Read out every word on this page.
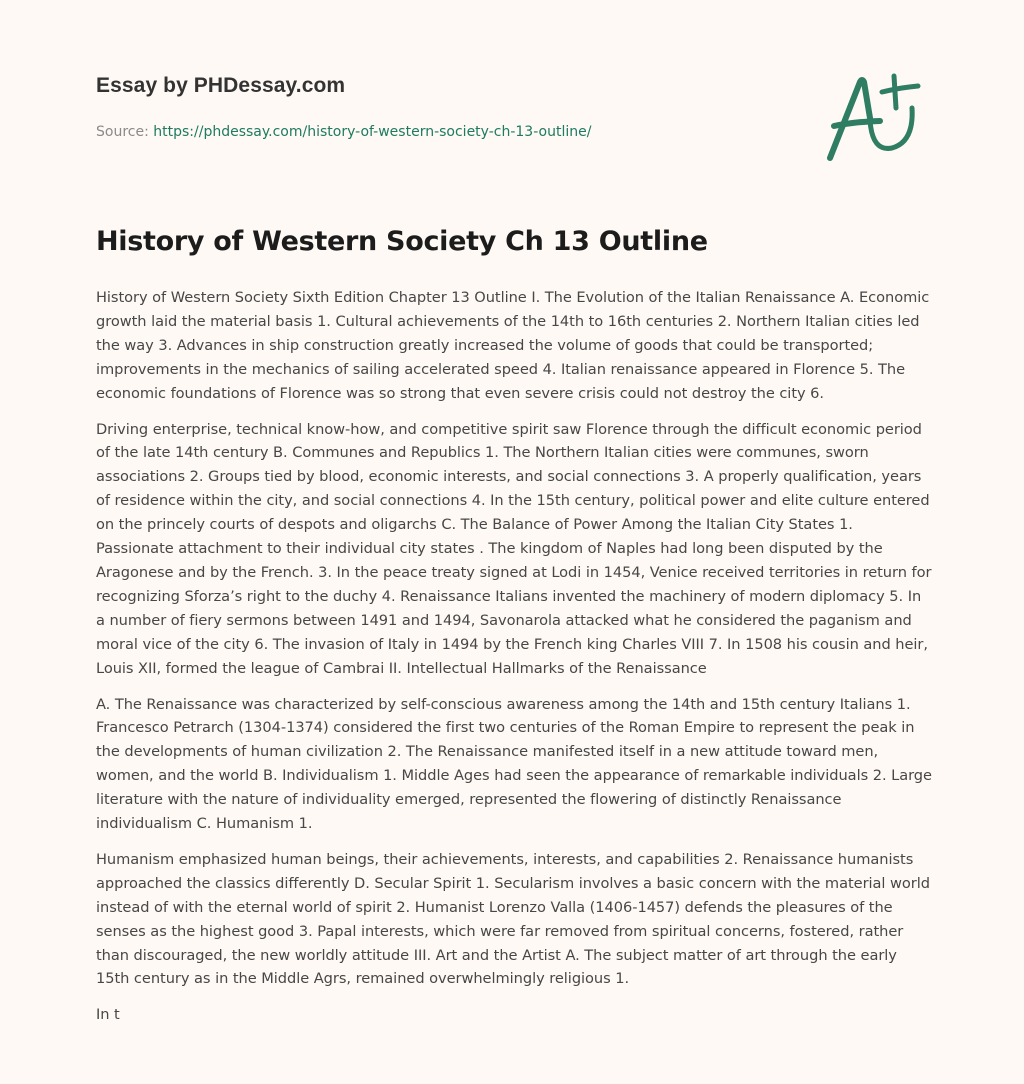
Essay by PHDessay.com
Source: https://phdessay.com/history-of-western-society-ch-13-outline/
History of Western Society Ch 13 Outline

History of Western Society Sixth Edition Chapter 13 Outline I. The Evolution of the Italian Renaissance A. Economic growth laid the material basis 1. Cultural achievements of the 14th to 16th centuries 2. Northern Italian cities led the way 3. Advances in ship construction greatly increased the volume of goods that could be transported; improvements in the mechanics of sailing accelerated speed 4. Italian renaissance appeared in Florence 5. The economic foundations of Florence was so strong that even severe crisis could not destroy the city 6.

Driving enterprise, technical know-how, and competitive spirit saw Florence through the difficult economic period of the late 14th century B. Communes and Republics 1. The Northern Italian cities were communes, sworn associations 2. Groups tied by blood, economic interests, and social connections 3. A properly qualification, years of residence within the city, and social connections 4. In the 15th century, political power and elite culture entered on the princely courts of despots and oligarchs C. The Balance of Power Among the Italian City States 1. Passionate attachment to their individual city states . The kingdom of Naples had long been disputed by the Aragonese and by the French. 3. In the peace treaty signed at Lodi in 1454, Venice received territories in return for recognizing Sforza’s right to the duchy 4. Renaissance Italians invented the machinery of modern diplomacy 5. In a number of fiery sermons between 1491 and 1494, Savonarola attacked what he considered the paganism and moral vice of the city 6. The invasion of Italy in 1494 by the French king Charles VIII 7. In 1508 his cousin and heir, Louis XII, formed the league of Cambrai II. Intellectual Hallmarks of the Renaissance

A. The Renaissance was characterized by self-conscious awareness among the 14th and 15th century Italians 1. Francesco Petrarch (1304-1374) considered the first two centuries of the Roman Empire to represent the peak in the developments of human civilization 2. The Renaissance manifested itself in a new attitude toward men, women, and the world B. Individualism 1. Middle Ages had seen the appearance of remarkable individuals 2. Large literature with the nature of individuality emerged, represented the flowering of distinctly Renaissance individualism C. Humanism 1.

Humanism emphasized human beings, their achievements, interests, and capabilities 2. Renaissance humanists approached the classics differently D. Secular Spirit 1. Secularism involves a basic concern with the material world instead of with the eternal world of spirit 2. Humanist Lorenzo Valla (1406-1457) defends the pleasures of the senses as the highest good 3. Papal interests, which were far removed from spiritual concerns, fostered, rather than discouraged, the new worldly attitude III. Art and the Artist A. The subject matter of art through the early 15th century as in the Middle Agrs, remained overwhelmingly religious 1.

In t
